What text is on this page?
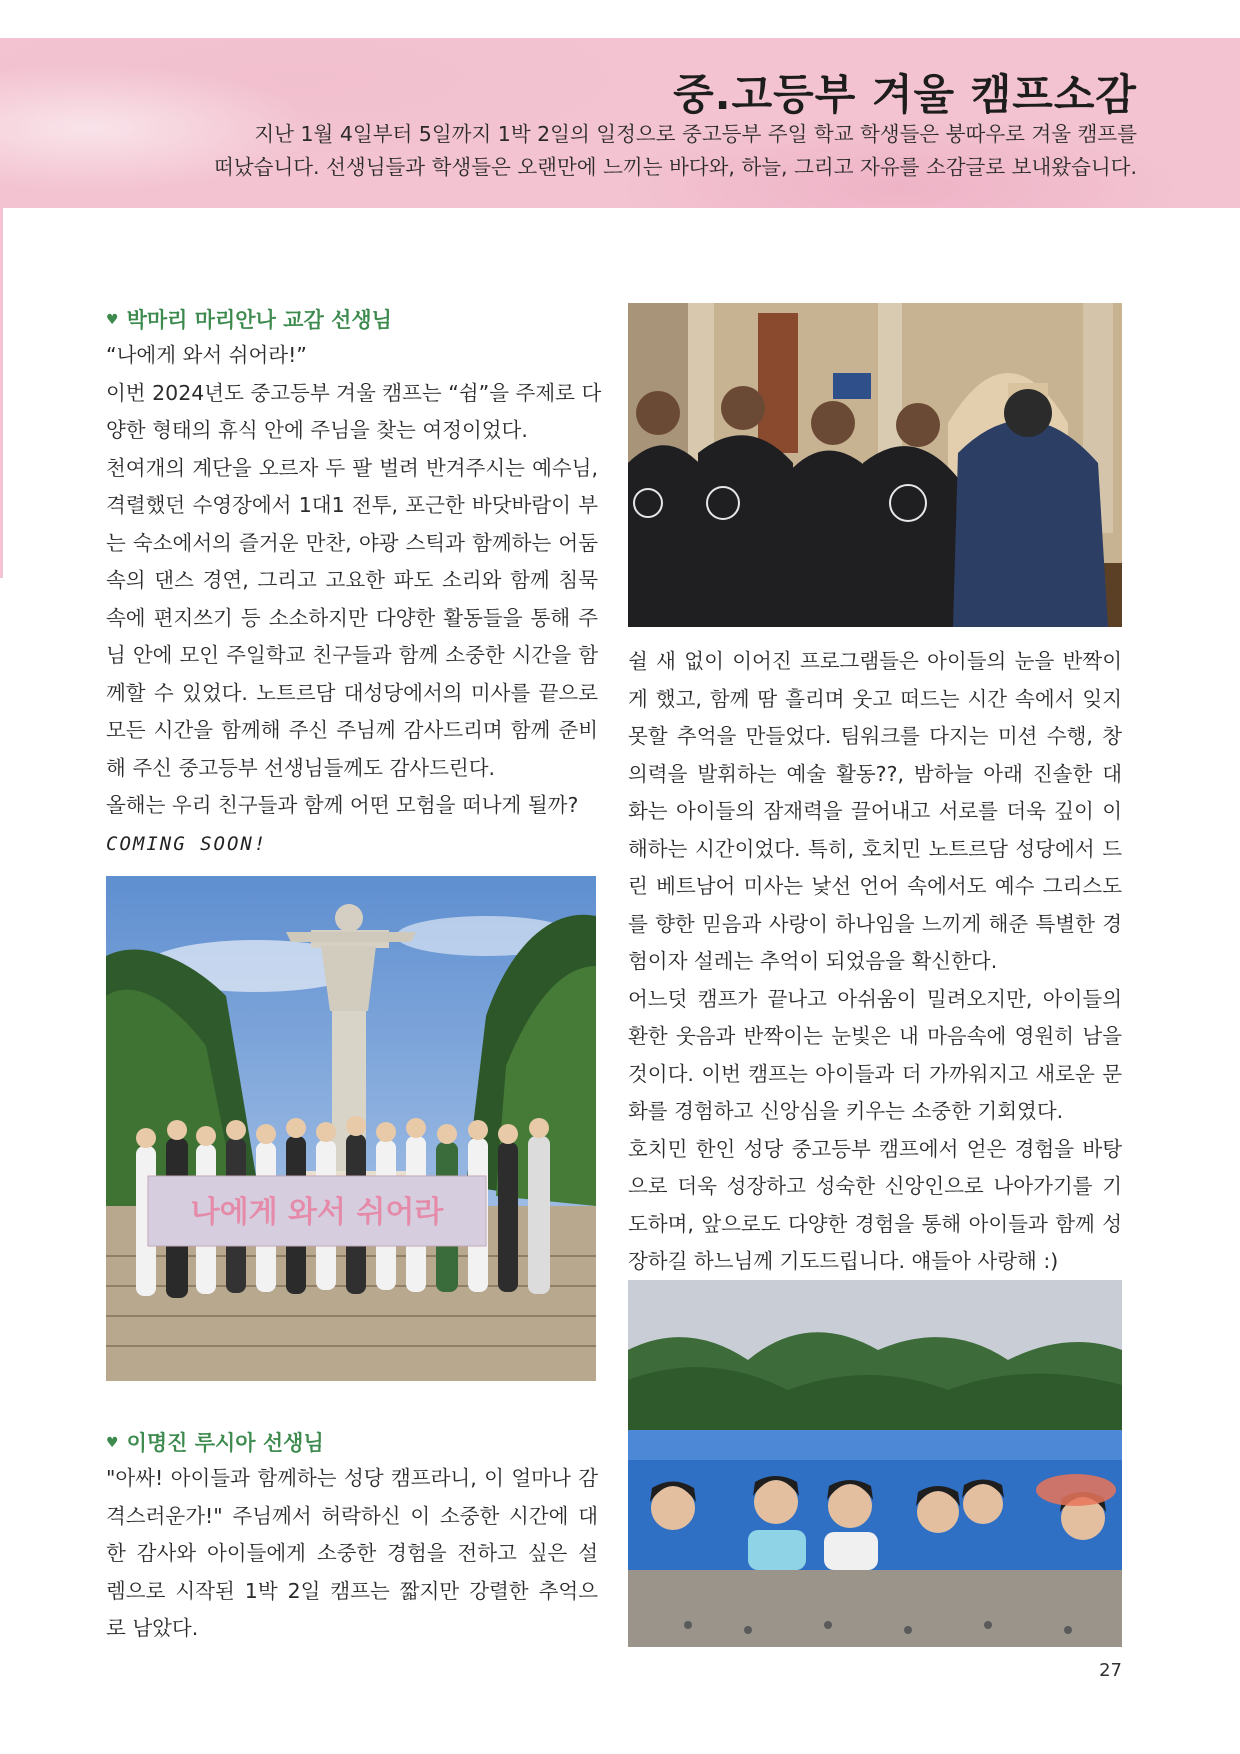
중.고등부 겨울 캠프소감

지난 1월 4일부터 5일까지 1박 2일의 일정으로 중고등부 주일 학교 학생들은 붕따우로 겨울 캠프를

떠났습니다. 선생님들과 학생들은 오랜만에 느끼는 바다와, 하늘, 그리고 자유를 소감글로 보내왔습니다.

♥ 박마리 마리안나 교감 선생님

“나에게 와서 쉬어라!”

이번 2024년도 중고등부 겨울 캠프는 “쉼”을 주제로 다

양한 형태의 휴식 안에 주님을 찾는 여정이었다.

천여개의 계단을 오르자 두 팔 벌려 반겨주시는 예수님,

격렬했던 수영장에서 1대1 전투, 포근한 바닷바람이 부

는 숙소에서의 즐거운 만찬, 야광 스틱과 함께하는 어둠

속의 댄스 경연, 그리고 고요한 파도 소리와 함께 침묵

속에 편지쓰기 등 소소하지만 다양한 활동들을 통해 주

님 안에 모인 주일학교 친구들과 함께 소중한 시간을 함

께할 수 있었다. 노트르담 대성당에서의 미사를 끝으로

모든 시간을 함께해 주신 주님께 감사드리며 함께 준비

해 주신 중고등부 선생님들께도 감사드린다.

올해는 우리 친구들과 함께 어떤 모험을 떠나게 될까?

COMING SOON!

나에게 와서 쉬어라
♥ 이명진 루시아 선생님

"아싸! 아이들과 함께하는 성당 캠프라니, 이 얼마나 감

격스러운가!" 주님께서 허락하신 이 소중한 시간에 대

한 감사와 아이들에게 소중한 경험을 전하고 싶은 설

렘으로 시작된 1박 2일 캠프는 짧지만 강렬한 추억으

로 남았다.

쉴 새 없이 이어진 프로그램들은 아이들의 눈을 반짝이

게 했고, 함께 땀 흘리며 웃고 떠드는 시간 속에서 잊지

못할 추억을 만들었다. 팀워크를 다지는 미션 수행, 창

의력을 발휘하는 예술 활동??, 밤하늘 아래 진솔한 대

화는 아이들의 잠재력을 끌어내고 서로를 더욱 깊이 이

해하는 시간이었다. 특히, 호치민 노트르담 성당에서 드

린 베트남어 미사는 낯선 언어 속에서도 예수 그리스도

를 향한 믿음과 사랑이 하나임을 느끼게 해준 특별한 경

험이자 설레는 추억이 되었음을 확신한다.

어느덧 캠프가 끝나고 아쉬움이 밀려오지만, 아이들의

환한 웃음과 반짝이는 눈빛은 내 마음속에 영원히 남을

것이다. 이번 캠프는 아이들과 더 가까워지고 새로운 문

화를 경험하고 신앙심을 키우는 소중한 기회였다.

호치민 한인 성당 중고등부 캠프에서 얻은 경험을 바탕

으로 더욱 성장하고 성숙한 신앙인으로 나아가기를 기

도하며, 앞으로도 다양한 경험을 통해 아이들과 함께 성

장하길 하느님께 기도드립니다. 얘들아 사랑해 :)

27
